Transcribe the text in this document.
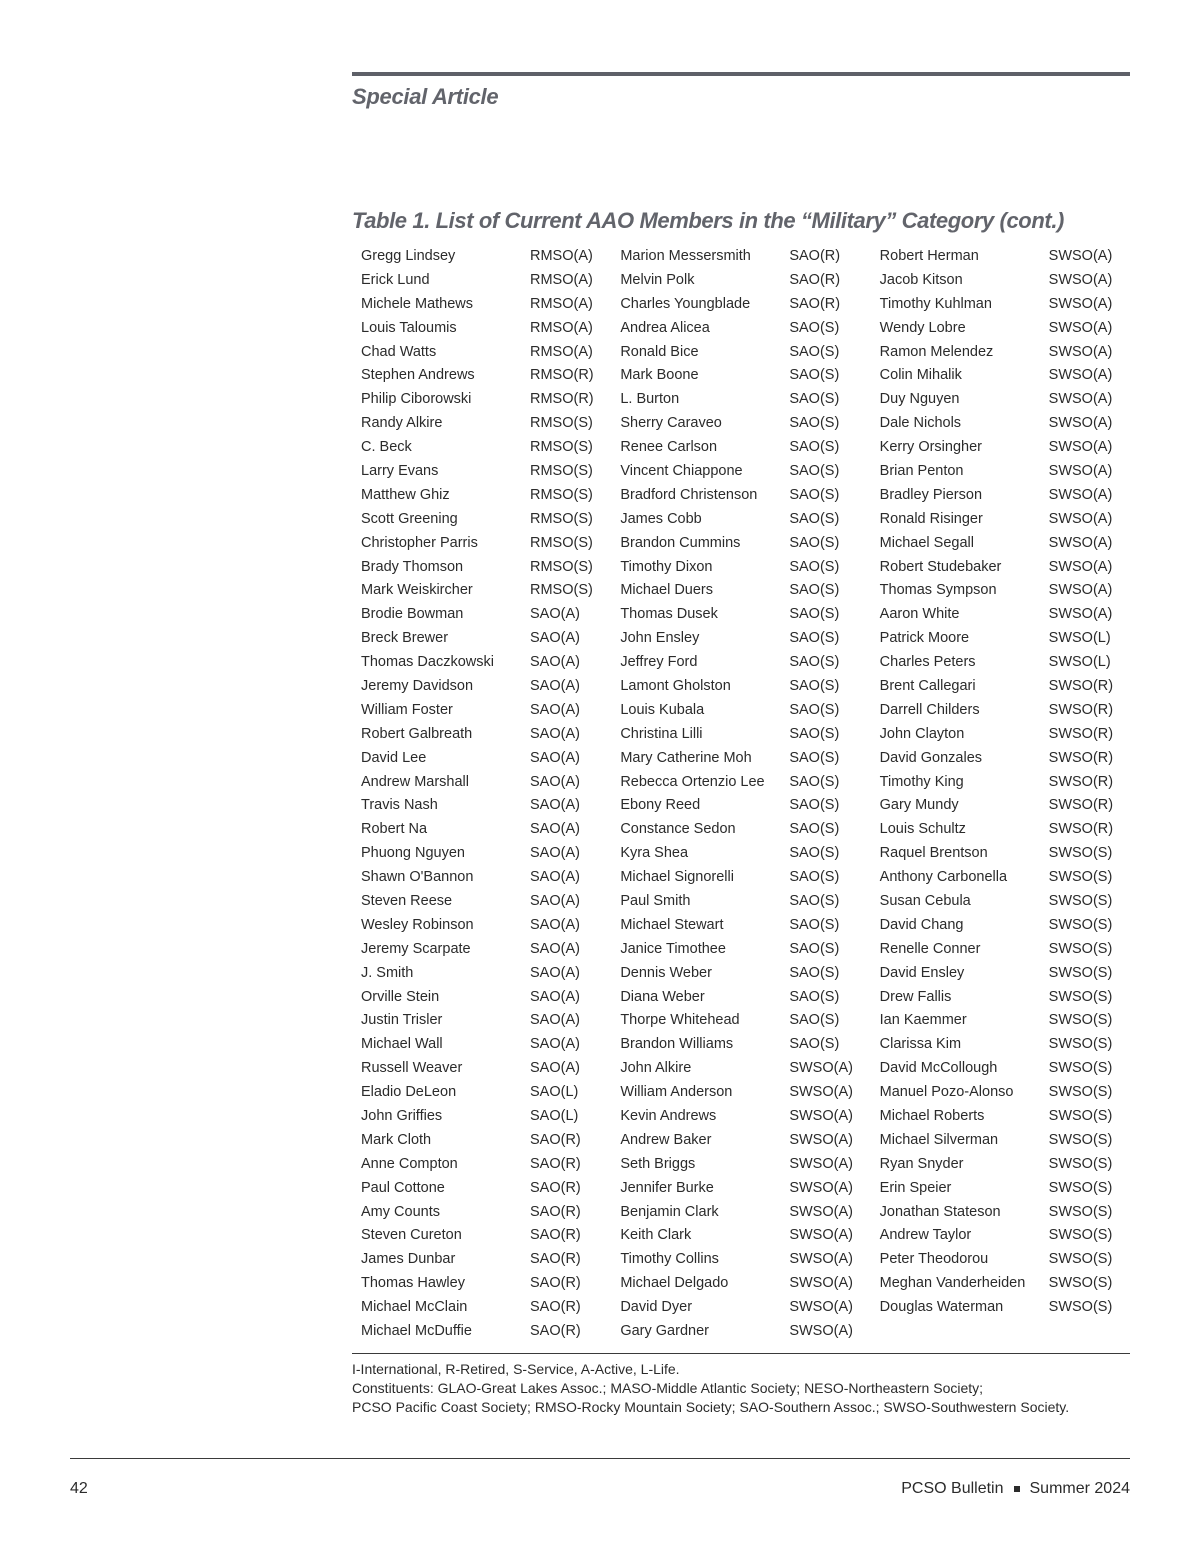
Special Article
Table 1. List of Current AAO Members in the “Military” Category (cont.)
Gregg Lindsey	RMSO(A)
Erick Lund	RMSO(A)
Michele Mathews	RMSO(A)
Louis Taloumis	RMSO(A)
Chad Watts	RMSO(A)
Stephen Andrews	RMSO(R)
Philip Ciborowski	RMSO(R)
Randy Alkire	RMSO(S)
C. Beck	RMSO(S)
Larry Evans	RMSO(S)
Matthew Ghiz	RMSO(S)
Scott Greening	RMSO(S)
Christopher Parris	RMSO(S)
Brady Thomson	RMSO(S)
Mark Weiskircher	RMSO(S)
Brodie Bowman	SAO(A)
Breck Brewer	SAO(A)
Thomas Daczkowski	SAO(A)
Jeremy Davidson	SAO(A)
William Foster	SAO(A)
Robert Galbreath	SAO(A)
David Lee	SAO(A)
Andrew Marshall	SAO(A)
Travis Nash	SAO(A)
Robert Na	SAO(A)
Phuong Nguyen	SAO(A)
Shawn O'Bannon	SAO(A)
Steven Reese	SAO(A)
Wesley Robinson	SAO(A)
Jeremy Scarpate	SAO(A)
J. Smith	SAO(A)
Orville Stein	SAO(A)
Justin Trisler	SAO(A)
Michael Wall	SAO(A)
Russell Weaver	SAO(A)
Eladio DeLeon	SAO(L)
John Griffies	SAO(L)
Mark Cloth	SAO(R)
Anne Compton	SAO(R)
Paul Cottone	SAO(R)
Amy Counts	SAO(R)
Steven Cureton	SAO(R)
James Dunbar	SAO(R)
Thomas Hawley	SAO(R)
Michael McClain	SAO(R)
Michael McDuffie	SAO(R)
Marion Messersmith	SAO(R)
Melvin Polk	SAO(R)
Charles Youngblade	SAO(R)
Andrea Alicea	SAO(S)
Ronald Bice	SAO(S)
Mark Boone	SAO(S)
L. Burton	SAO(S)
Sherry Caraveo	SAO(S)
Renee Carlson	SAO(S)
Vincent Chiappone	SAO(S)
Bradford Christenson	SAO(S)
James Cobb	SAO(S)
Brandon Cummins	SAO(S)
Timothy Dixon	SAO(S)
Michael Duers	SAO(S)
Thomas Dusek	SAO(S)
John Ensley	SAO(S)
Jeffrey Ford	SAO(S)
Lamont Gholston	SAO(S)
Louis Kubala	SAO(S)
Christina Lilli	SAO(S)
Mary Catherine Moh	SAO(S)
Rebecca Ortenzio Lee	SAO(S)
Ebony Reed	SAO(S)
Constance Sedon	SAO(S)
Kyra Shea	SAO(S)
Michael Signorelli	SAO(S)
Paul Smith	SAO(S)
Michael Stewart	SAO(S)
Janice Timothee	SAO(S)
Dennis Weber	SAO(S)
Diana Weber	SAO(S)
Thorpe Whitehead	SAO(S)
Brandon Williams	SAO(S)
John Alkire	SWSO(A)
William Anderson	SWSO(A)
Kevin Andrews	SWSO(A)
Andrew Baker	SWSO(A)
Seth Briggs	SWSO(A)
Jennifer Burke	SWSO(A)
Benjamin Clark	SWSO(A)
Keith Clark	SWSO(A)
Timothy Collins	SWSO(A)
Michael Delgado	SWSO(A)
David Dyer	SWSO(A)
Gary Gardner	SWSO(A)
Robert Herman	SWSO(A)
Jacob Kitson	SWSO(A)
Timothy Kuhlman	SWSO(A)
Wendy Lobre	SWSO(A)
Ramon Melendez	SWSO(A)
Colin Mihalik	SWSO(A)
Duy Nguyen	SWSO(A)
Dale Nichols	SWSO(A)
Kerry Orsingher	SWSO(A)
Brian Penton	SWSO(A)
Bradley Pierson	SWSO(A)
Ronald Risinger	SWSO(A)
Michael Segall	SWSO(A)
Robert Studebaker	SWSO(A)
Thomas Sympson	SWSO(A)
Aaron White	SWSO(A)
Patrick Moore	SWSO(L)
Charles Peters	SWSO(L)
Brent Callegari	SWSO(R)
Darrell Childers	SWSO(R)
John Clayton	SWSO(R)
David Gonzales	SWSO(R)
Timothy King	SWSO(R)
Gary Mundy	SWSO(R)
Louis Schultz	SWSO(R)
Raquel Brentson	SWSO(S)
Anthony Carbonella	SWSO(S)
Susan Cebula	SWSO(S)
David Chang	SWSO(S)
Renelle Conner	SWSO(S)
David Ensley	SWSO(S)
Drew Fallis	SWSO(S)
Ian Kaemmer	SWSO(S)
Clarissa Kim	SWSO(S)
David McCollough	SWSO(S)
Manuel Pozo-Alonso	SWSO(S)
Michael Roberts	SWSO(S)
Michael Silverman	SWSO(S)
Ryan Snyder	SWSO(S)
Erin Speier	SWSO(S)
Jonathan Stateson	SWSO(S)
Andrew Taylor	SWSO(S)
Peter Theodorou	SWSO(S)
Meghan Vanderheiden	SWSO(S)
Douglas Waterman	SWSO(S)
I-International, R-Retired, S-Service, A-Active, L-Life.
Constituents: GLAO-Great Lakes Assoc.; MASO-Middle Atlantic Society; NESO-Northeastern Society;
PCSO Pacific Coast Society; RMSO-Rocky Mountain Society; SAO-Southern Assoc.; SWSO-Southwestern Society.
42	PCSO Bulletin Summer 2024
